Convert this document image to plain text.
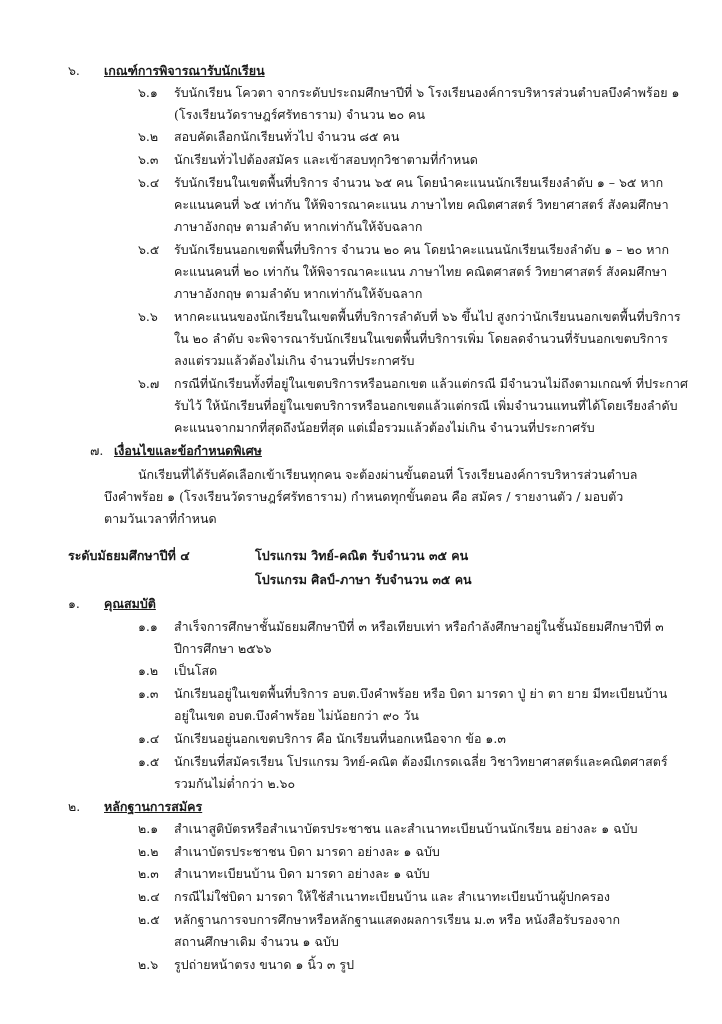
๖. เกณฑ์การพิจารณารับนักเรียน
๖.๑ รับนักเรียน โควตา จากระดับประถมศึกษาปีที่ ๖ โรงเรียนองค์การบริหารส่วนตำบลบึงคำพร้อย ๑
(โรงเรียนวัดราษฎร์ศรัทธาราม) จำนวน ๒๐ คน
๖.๒ สอบคัดเลือกนักเรียนทั่วไป จำนวน ๘๕ คน
๖.๓ นักเรียนทั่วไปต้องสมัคร และเข้าสอบทุกวิชาตามที่กำหนด
๖.๔ รับนักเรียนในเขตพื้นที่บริการ จำนวน ๖๕ คน โดยนำคะแนนนักเรียนเรียงลำดับ ๑ – ๖๕ หาก
คะแนนคนที่ ๖๕ เท่ากัน ให้พิจารณาคะแนน ภาษาไทย คณิตศาสตร์ วิทยาศาสตร์ สังคมศึกษา
ภาษาอังกฤษ ตามลำดับ หากเท่ากันให้จับฉลาก
๖.๕ รับนักเรียนนอกเขตพื้นที่บริการ จำนวน ๒๐ คน โดยนำคะแนนนักเรียนเรียงลำดับ ๑ – ๒๐ หาก
คะแนนคนที่ ๒๐ เท่ากัน ให้พิจารณาคะแนน ภาษาไทย คณิตศาสตร์ วิทยาศาสตร์ สังคมศึกษา
ภาษาอังกฤษ ตามลำดับ หากเท่ากันให้จับฉลาก
๖.๖ หากคะแนนของนักเรียนในเขตพื้นที่บริการลำดับที่ ๖๖ ขึ้นไป สูงกว่านักเรียนนอกเขตพื้นที่บริการ
ใน ๒๐ ลำดับ จะพิจารณารับนักเรียนในเขตพื้นที่บริการเพิ่ม โดยลดจำนวนที่รับนอกเขตบริการ
ลงแต่รวมแล้วต้องไม่เกิน จำนวนที่ประกาศรับ
๖.๗ กรณีที่นักเรียนทั้งที่อยู่ในเขตบริการหรือนอกเขต แล้วแต่กรณี มีจำนวนไม่ถึงตามเกณฑ์ ที่ประกาศ
รับไว้ ให้นักเรียนที่อยู่ในเขตบริการหรือนอกเขตแล้วแต่กรณี เพิ่มจำนวนแทนที่ได้โดยเรียงลำดับ
คะแนนจากมากที่สุดถึงน้อยที่สุด แต่เมื่อรวมแล้วต้องไม่เกิน จำนวนที่ประกาศรับ
๗. เงื่อนไขและข้อกำหนดพิเศษ
นักเรียนที่ได้รับคัดเลือกเข้าเรียนทุกคน จะต้องผ่านขั้นตอนที่ โรงเรียนองค์การบริหารส่วนตำบล
บึงคำพร้อย ๑ (โรงเรียนวัดราษฎร์ศรัทธาราม) กำหนดทุกขั้นตอน คือ สมัคร / รายงานตัว / มอบตัว
ตามวันเวลาที่กำหนด
ระดับมัธยมศึกษาปีที่ ๔	โปรแกรม วิทย์-คณิต รับจำนวน ๓๕ คน
โปรแกรม ศิลป์-ภาษา รับจำนวน ๓๕ คน
๑. คุณสมบัติ
๑.๑ สำเร็จการศึกษาชั้นมัธยมศึกษาปีที่ ๓ หรือเทียบเท่า หรือกำลังศึกษาอยู่ในชั้นมัธยมศึกษาปีที่ ๓
ปีการศึกษา ๒๕๖๖
๑.๒ เป็นโสด
๑.๓ นักเรียนอยู่ในเขตพื้นที่บริการ อบต.บึงคำพร้อย หรือ บิดา มารดา ปู่ ย่า ตา ยาย มีทะเบียนบ้าน
อยู่ในเขต อบต.บึงคำพร้อย ไม่น้อยกว่า ๙๐ วัน
๑.๔ นักเรียนอยู่นอกเขตบริการ คือ นักเรียนที่นอกเหนือจาก ข้อ ๑.๓
๑.๕ นักเรียนที่สมัครเรียน โปรแกรม วิทย์-คณิต ต้องมีเกรดเฉลี่ย วิชาวิทยาศาสตร์และคณิตศาสตร์
รวมกันไม่ต่ำกว่า ๒.๖๐
๒. หลักฐานการสมัคร
๒.๑ สำเนาสูติบัตรหรือสำเนาบัตรประชาชน และสำเนาทะเบียนบ้านนักเรียน อย่างละ ๑ ฉบับ
๒.๒ สำเนาบัตรประชาชน บิดา มารดา อย่างละ ๑ ฉบับ
๒.๓ สำเนาทะเบียนบ้าน บิดา มารดา อย่างละ ๑ ฉบับ
๒.๔ กรณีไม่ใช่บิดา มารดา ให้ใช้สำเนาทะเบียนบ้าน และ สำเนาทะเบียนบ้านผู้ปกครอง
๒.๕ หลักฐานการจบการศึกษาหรือหลักฐานแสดงผลการเรียน ม.๓ หรือ หนังสือรับรองจาก
สถานศึกษาเดิม จำนวน ๑ ฉบับ
๒.๖ รูปถ่ายหน้าตรง ขนาด ๑ นิ้ว ๓ รูป
